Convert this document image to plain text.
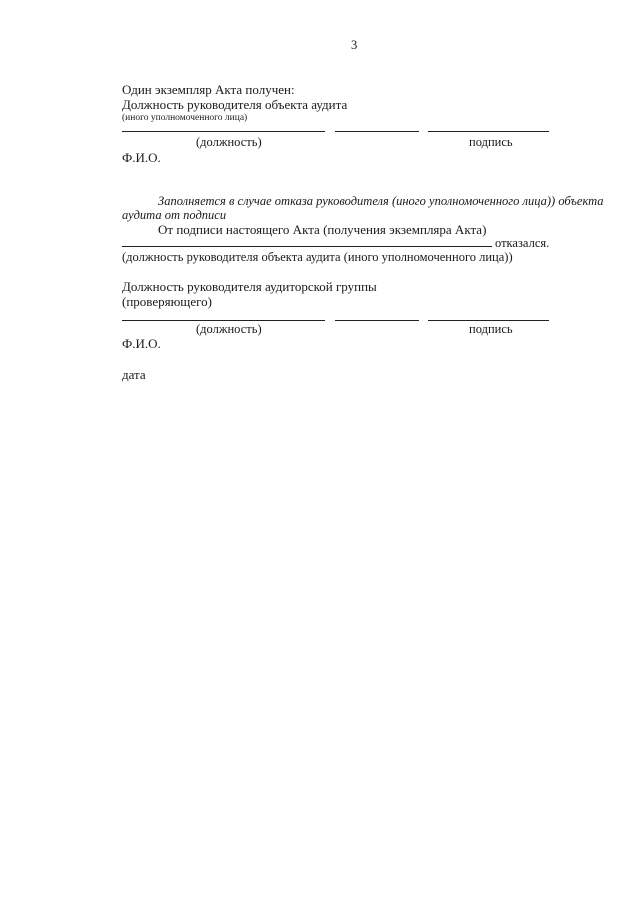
3
Один экземпляр Акта получен:
Должность руководителя объекта аудита
(иного уполномоченного лица)
(должность)	подпись
Ф.И.О.
Заполняется в случае отказа руководителя (иного уполномоченного лица)) объекта
аудита от подписи
От подписи настоящего Акта (получения экземпляра Акта)
отказался.
(должность руководителя объекта аудита (иного уполномоченного лица))
Должность руководителя аудиторской группы
(проверяющего)
(должность)	подпись
Ф.И.О.
дата
